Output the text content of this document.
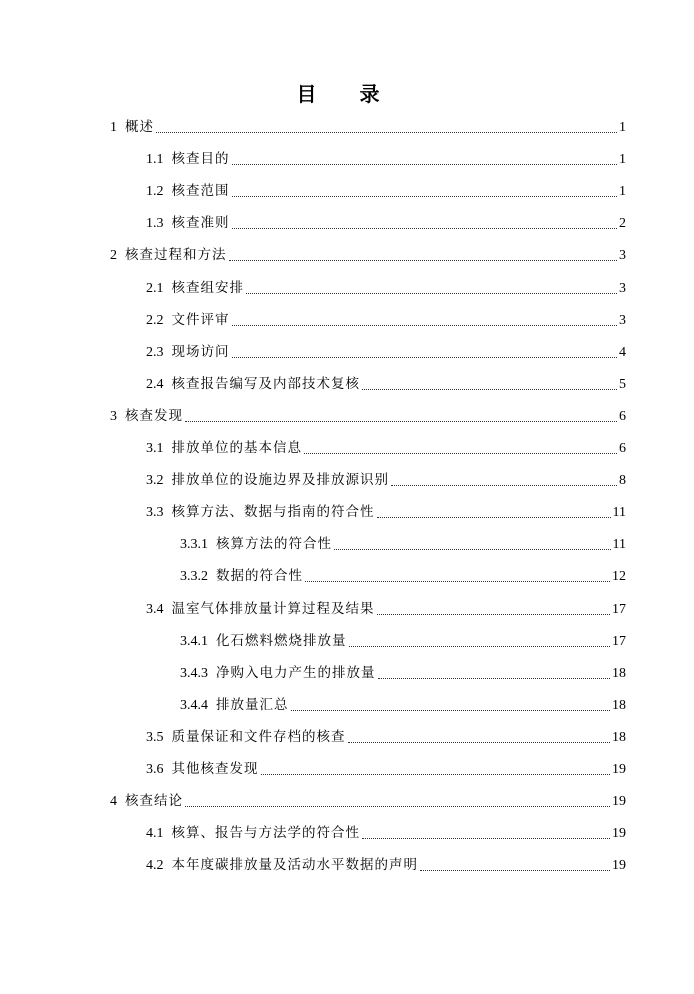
目 录
1 概述	1
1.1 核查目的	1
1.2 核查范围	1
1.3 核查准则	2
2 核查过程和方法	3
2.1 核查组安排	3
2.2 文件评审	3
2.3 现场访问	4
2.4 核查报告编写及内部技术复核	5
3 核查发现	6
3.1 排放单位的基本信息	6
3.2 排放单位的设施边界及排放源识别	8
3.3 核算方法、数据与指南的符合性	11
3.3.1 核算方法的符合性	11
3.3.2 数据的符合性	12
3.4 温室气体排放量计算过程及结果	17
3.4.1 化石燃料燃烧排放量	17
3.4.3 净购入电力产生的排放量	18
3.4.4 排放量汇总	18
3.5 质量保证和文件存档的核查	18
3.6 其他核查发现	19
4 核查结论	19
4.1 核算、报告与方法学的符合性	19
4.2 本年度碳排放量及活动水平数据的声明	19
